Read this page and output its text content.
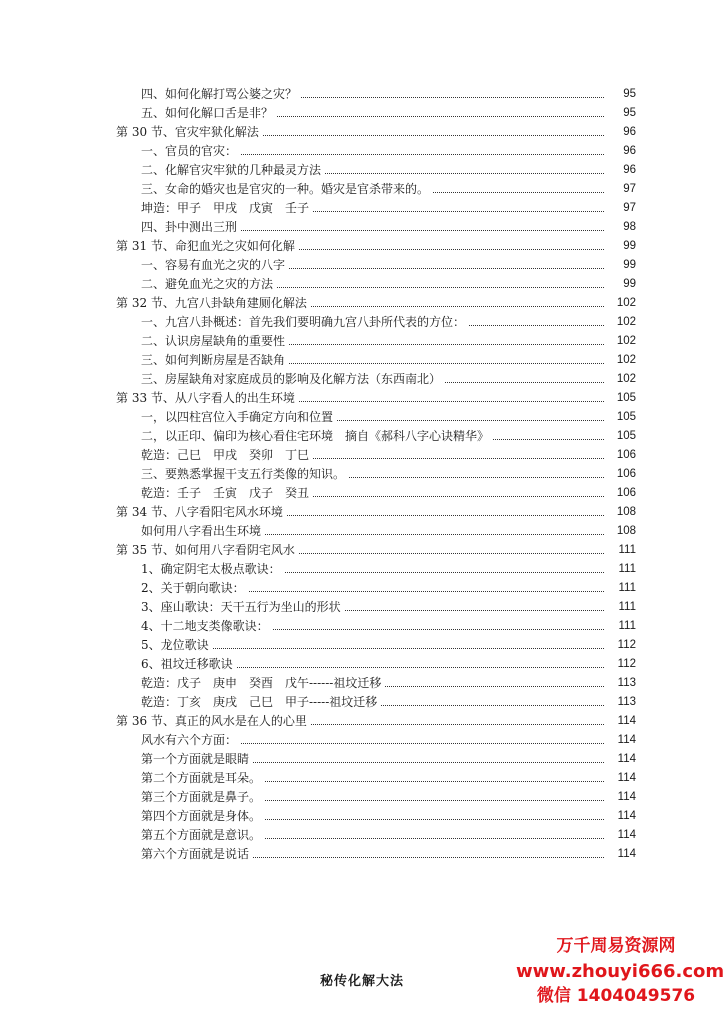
四、如何化解打骂公婆之灾？	95
五、如何化解口舌是非？	95
第 30 节、官灾牢狱化解法	96
一、官员的官灾：	96
二、化解官灾牢狱的几种最灵方法	96
三、女命的婚灾也是官灾的一种。婚灾是官杀带来的。	97
坤造：甲子　甲戌　戊寅　壬子	97
四、卦中测出三刑	98
第 31 节、命犯血光之灾如何化解	99
一、容易有血光之灾的八字	99
二、避免血光之灾的方法	99
第 32 节、九宫八卦缺角建厕化解法	102
一、九宫八卦概述：首先我们要明确九宫八卦所代表的方位：	102
二、认识房屋缺角的重要性	102
三、如何判断房屋是否缺角	102
三、房屋缺角对家庭成员的影响及化解方法（东西南北）	102
第 33 节、从八字看人的出生环境	105
一，以四柱宫位入手确定方向和位置	105
二，以正印、偏印为核心看住宅环境　摘自《郝科八字心诀精华》	105
乾造：己巳　甲戌　癸卯　丁巳	106
三、要熟悉掌握干支五行类像的知识。	106
乾造：壬子　壬寅　戊子　癸丑	106
第 34 节、八字看阳宅风水环境	108
如何用八字看出生环境	108
第 35 节、如何用八字看阴宅风水	111
1、确定阴宅太极点歌诀：	111
2、关于朝向歌诀：	111
3、座山歌诀：天干五行为坐山的形状	111
4、十二地支类像歌诀：	111
5、龙位歌诀	112
6、祖坟迁移歌诀	112
乾造：戊子　庚申　癸酉　戊午------祖坟迁移	113
乾造：丁亥　庚戌　己巳　甲子-----祖坟迁移	113
第 36 节、真正的风水是在人的心里	114
风水有六个方面：	114
第一个方面就是眼睛	114
第二个方面就是耳朵。	114
第三个方面就是鼻子。	114
第四个方面就是身体。	114
第五个方面就是意识。	114
第六个方面就是说话	114
秘传化解大法
万千周易资源网
www.zhouyi666.com
微信 1404049576
